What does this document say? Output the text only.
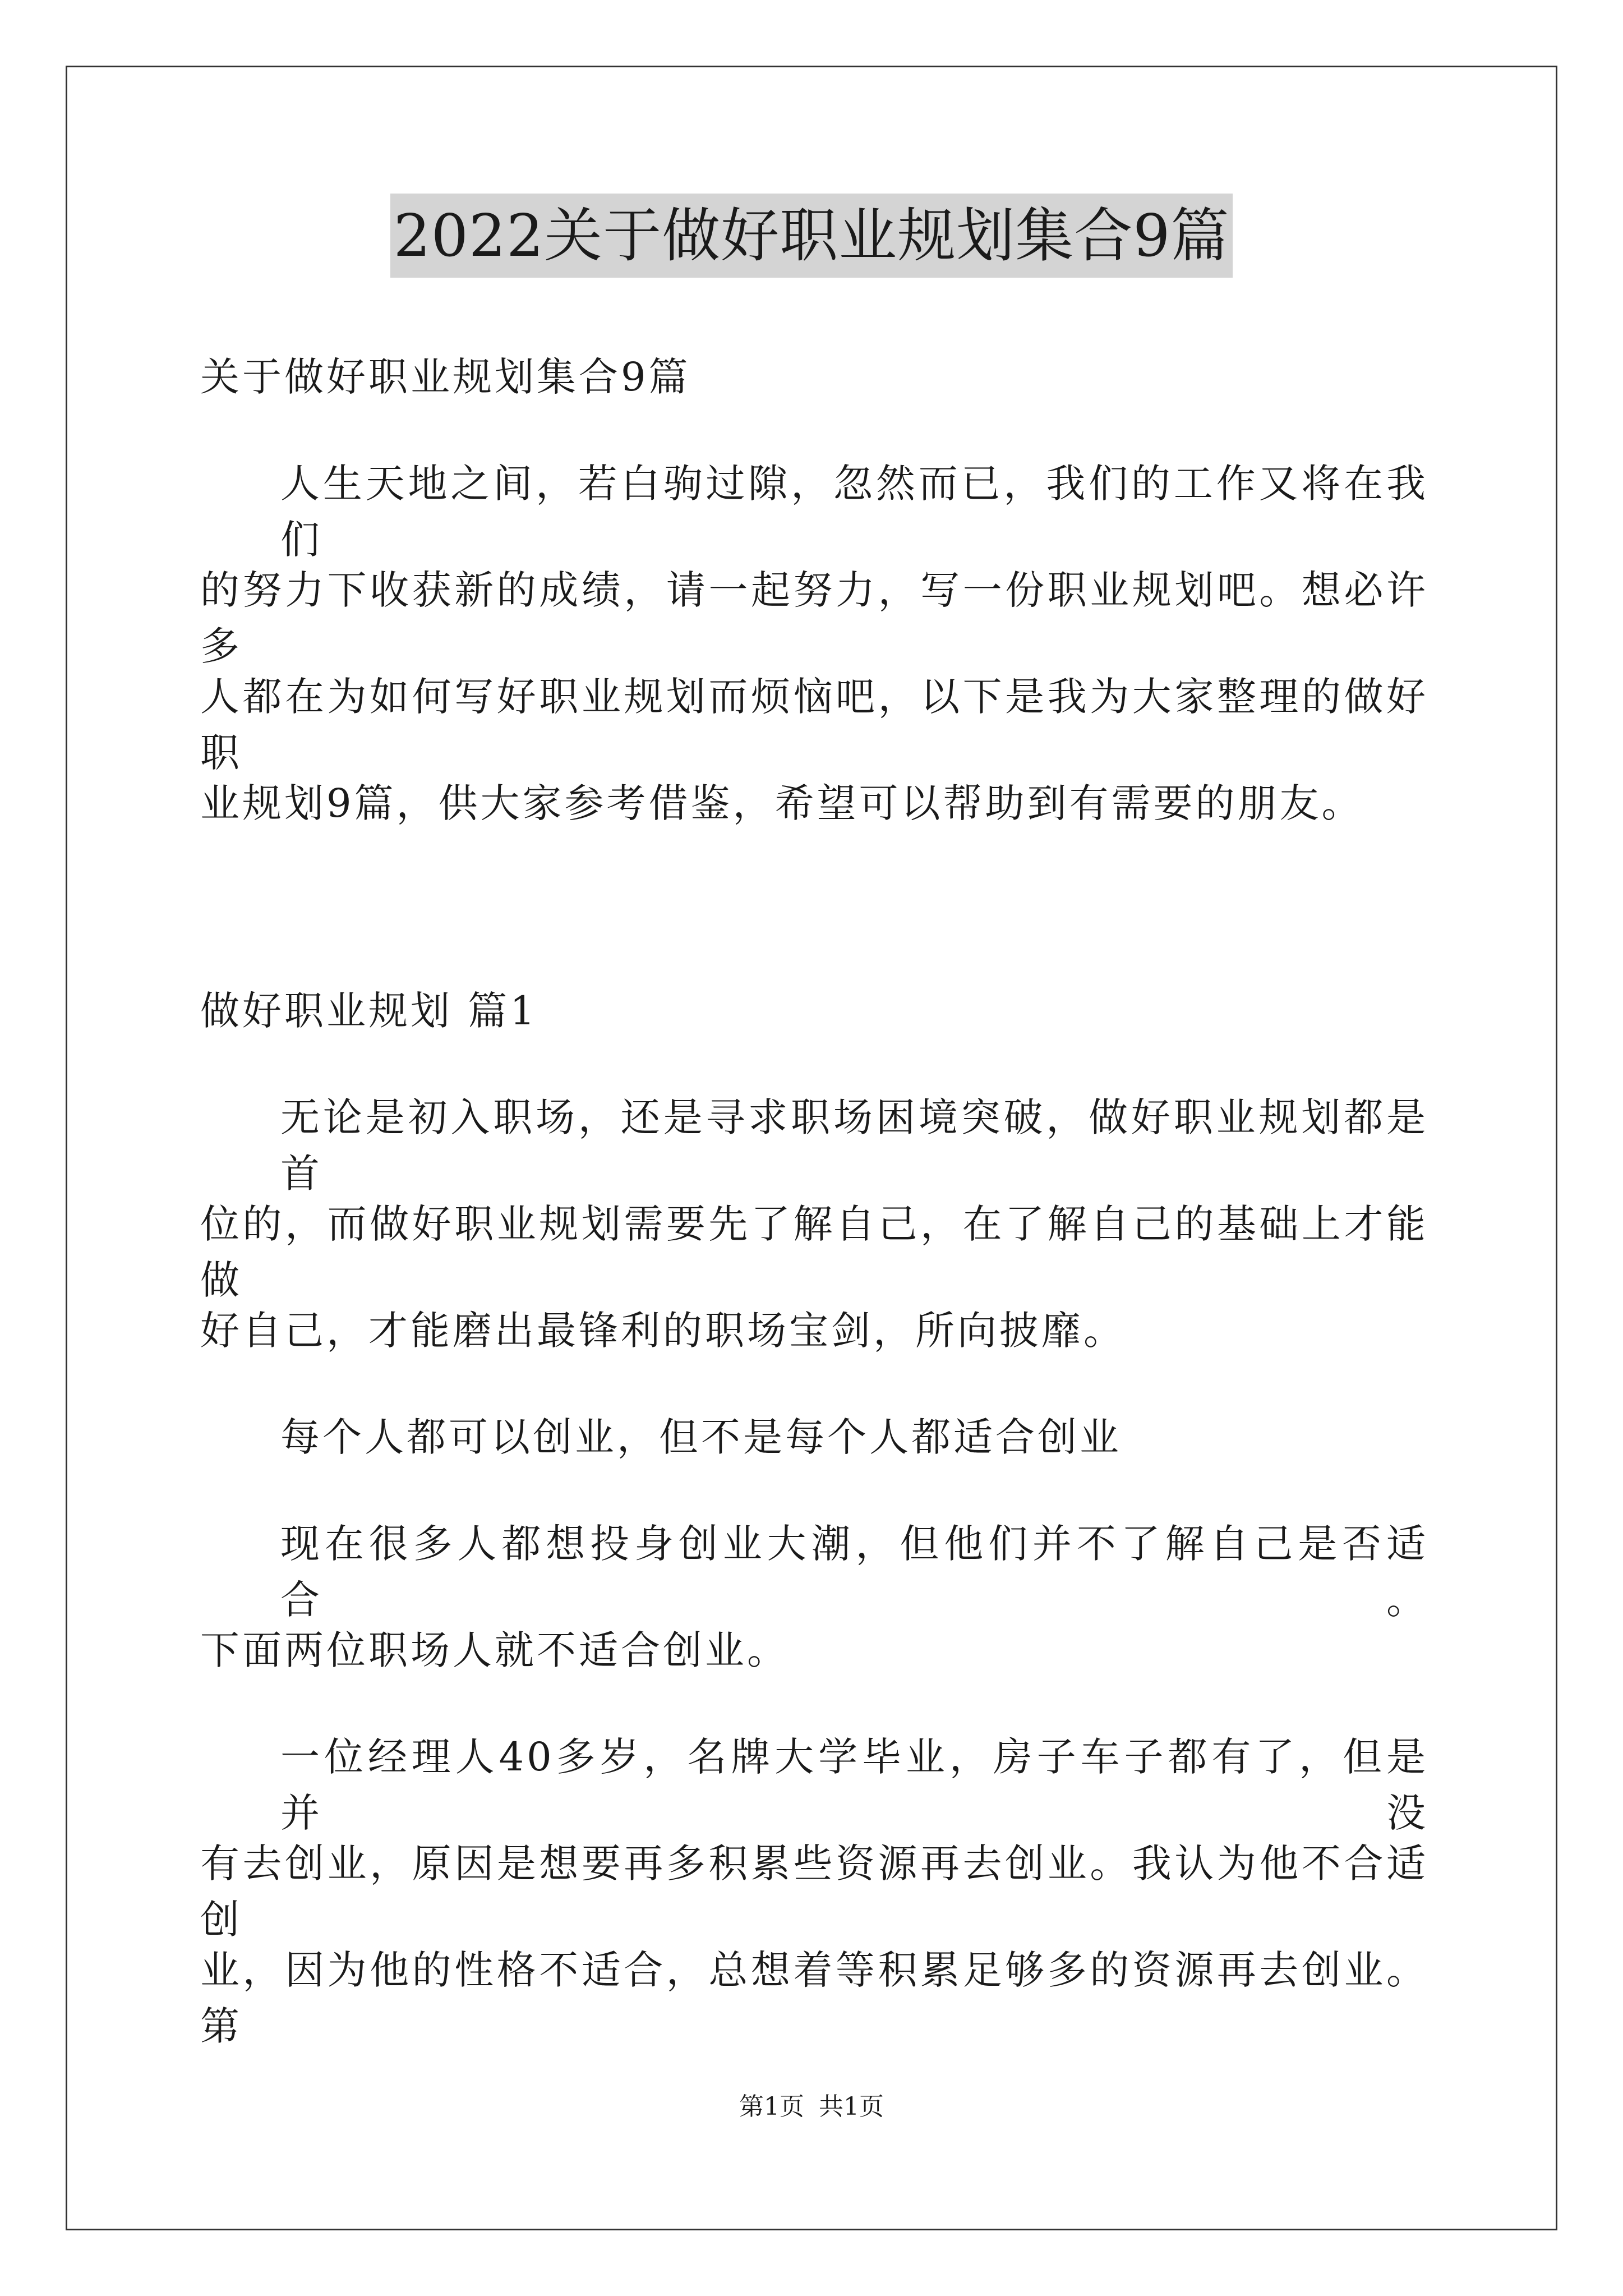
2022关于做好职业规划集合9篇
关于做好职业规划集合9篇
人生天地之间，若白驹过隙，忽然而已，我们的工作又将在我们
的努力下收获新的成绩，请一起努力，写一份职业规划吧。想必许多
人都在为如何写好职业规划而烦恼吧，以下是我为大家整理的做好职
业规划9篇，供大家参考借鉴，希望可以帮助到有需要的朋友。
做好职业规划 篇1
无论是初入职场，还是寻求职场困境突破，做好职业规划都是首
位的，而做好职业规划需要先了解自己，在了解自己的基础上才能做
好自己，才能磨出最锋利的职场宝剑，所向披靡。
每个人都可以创业，但不是每个人都适合创业
现在很多人都想投身创业大潮，但他们并不了解自己是否适合。
下面两位职场人就不适合创业。
一位经理人40多岁，名牌大学毕业，房子车子都有了，但是并没
有去创业，原因是想要再多积累些资源再去创业。我认为他不合适创
业，因为他的性格不适合，总想着等积累足够多的资源再去创业。第
第1页 共1页
